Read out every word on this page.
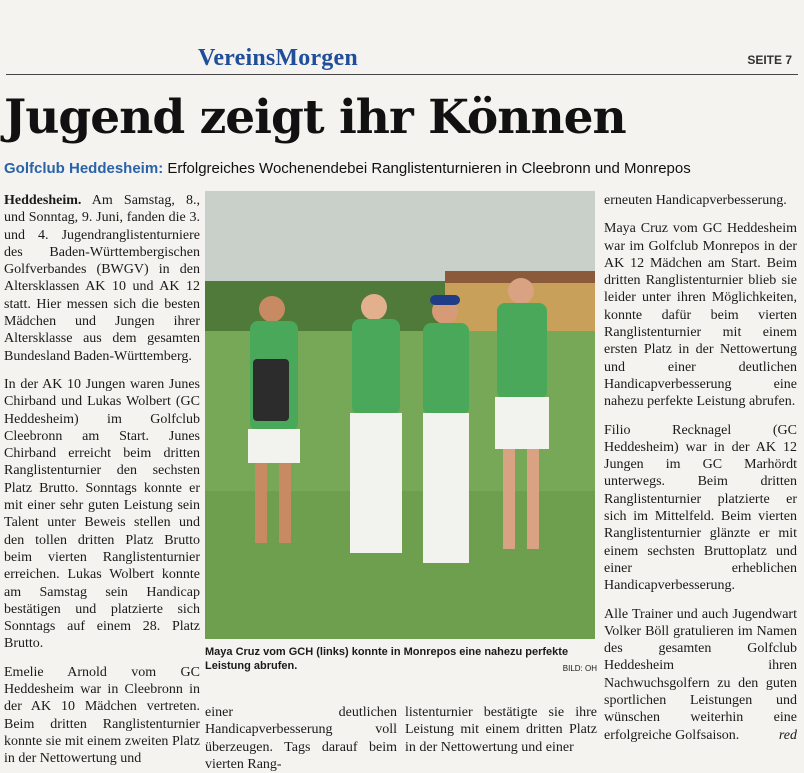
VereinsMorgen	SEITE 7
Jugend zeigt ihr Können
Golfclub Heddesheim: Erfolgreiches Wochenendebei Ranglistenturnieren in Cleebronn und Monrepos

Heddesheim. Am Samstag, 8., und Sonntag, 9. Juni, fanden die 3. und 4. Jugendranglistenturniere des Baden-Württembergischen Golfverbandes (BWGV) in den Altersklassen AK 10 und AK 12 statt. Hier messen sich die besten Mädchen und Jungen ihrer Altersklasse aus dem gesamten Bundesland Baden-Württemberg.

In der AK 10 Jungen waren Junes Chirband und Lukas Wolbert (GC Heddesheim) im Golfclub Cleebronn am Start. Junes Chirband erreicht beim dritten Ranglistenturnier den sechsten Platz Brutto. Sonntags konnte er mit einer sehr guten Leistung sein Talent unter Beweis stellen und den tollen dritten Platz Brutto beim vierten Ranglistenturnier erreichen. Lukas Wolbert konnte am Samstag sein Handicap bestätigen und platzierte sich Sonntags auf einem 28. Platz Brutto.

Emelie Arnold vom GC Heddesheim war in Cleebronn in der AK 10 Mädchen vertreten. Beim dritten Ranglistenturnier konnte sie mit einem zweiten Platz in der Nettowertung und

Maya Cruz vom GCH (links) konnte in Monrepos eine nahezu perfekte Leistung abrufen.	BILD: OH
einer deutlichen Handicapverbesserung voll überzeugen. Tags darauf beim vierten Rang-
listenturnier bestätigte sie ihre Leistung mit einem dritten Platz in der Nettowertung und einer

erneuten Handicapverbesserung.

Maya Cruz vom GC Heddesheim war im Golfclub Monrepos in der AK 12 Mädchen am Start. Beim dritten Ranglistenturnier blieb sie leider unter ihren Möglichkeiten, konnte dafür beim vierten Ranglistenturnier mit einem ersten Platz in der Nettowertung und einer deutlichen Handicapverbesserung eine nahezu perfekte Leistung abrufen.

Filio Recknagel (GC Heddesheim) war in der AK 12 Jungen im GC Marhördt unterwegs. Beim dritten Ranglistenturnier platzierte er sich im Mittelfeld. Beim vierten Ranglistenturnier glänzte er mit einem sechsten Bruttoplatz und einer erheblichen Handicapverbesserung.

Alle Trainer und auch Jugendwart Volker Böll gratulieren im Namen des gesamten Golfclub Heddesheim ihren Nachwuchsgolfern zu den guten sportlichen Leistungen und wünschen weiterhin eine erfolgreiche Golfsaison.	red
